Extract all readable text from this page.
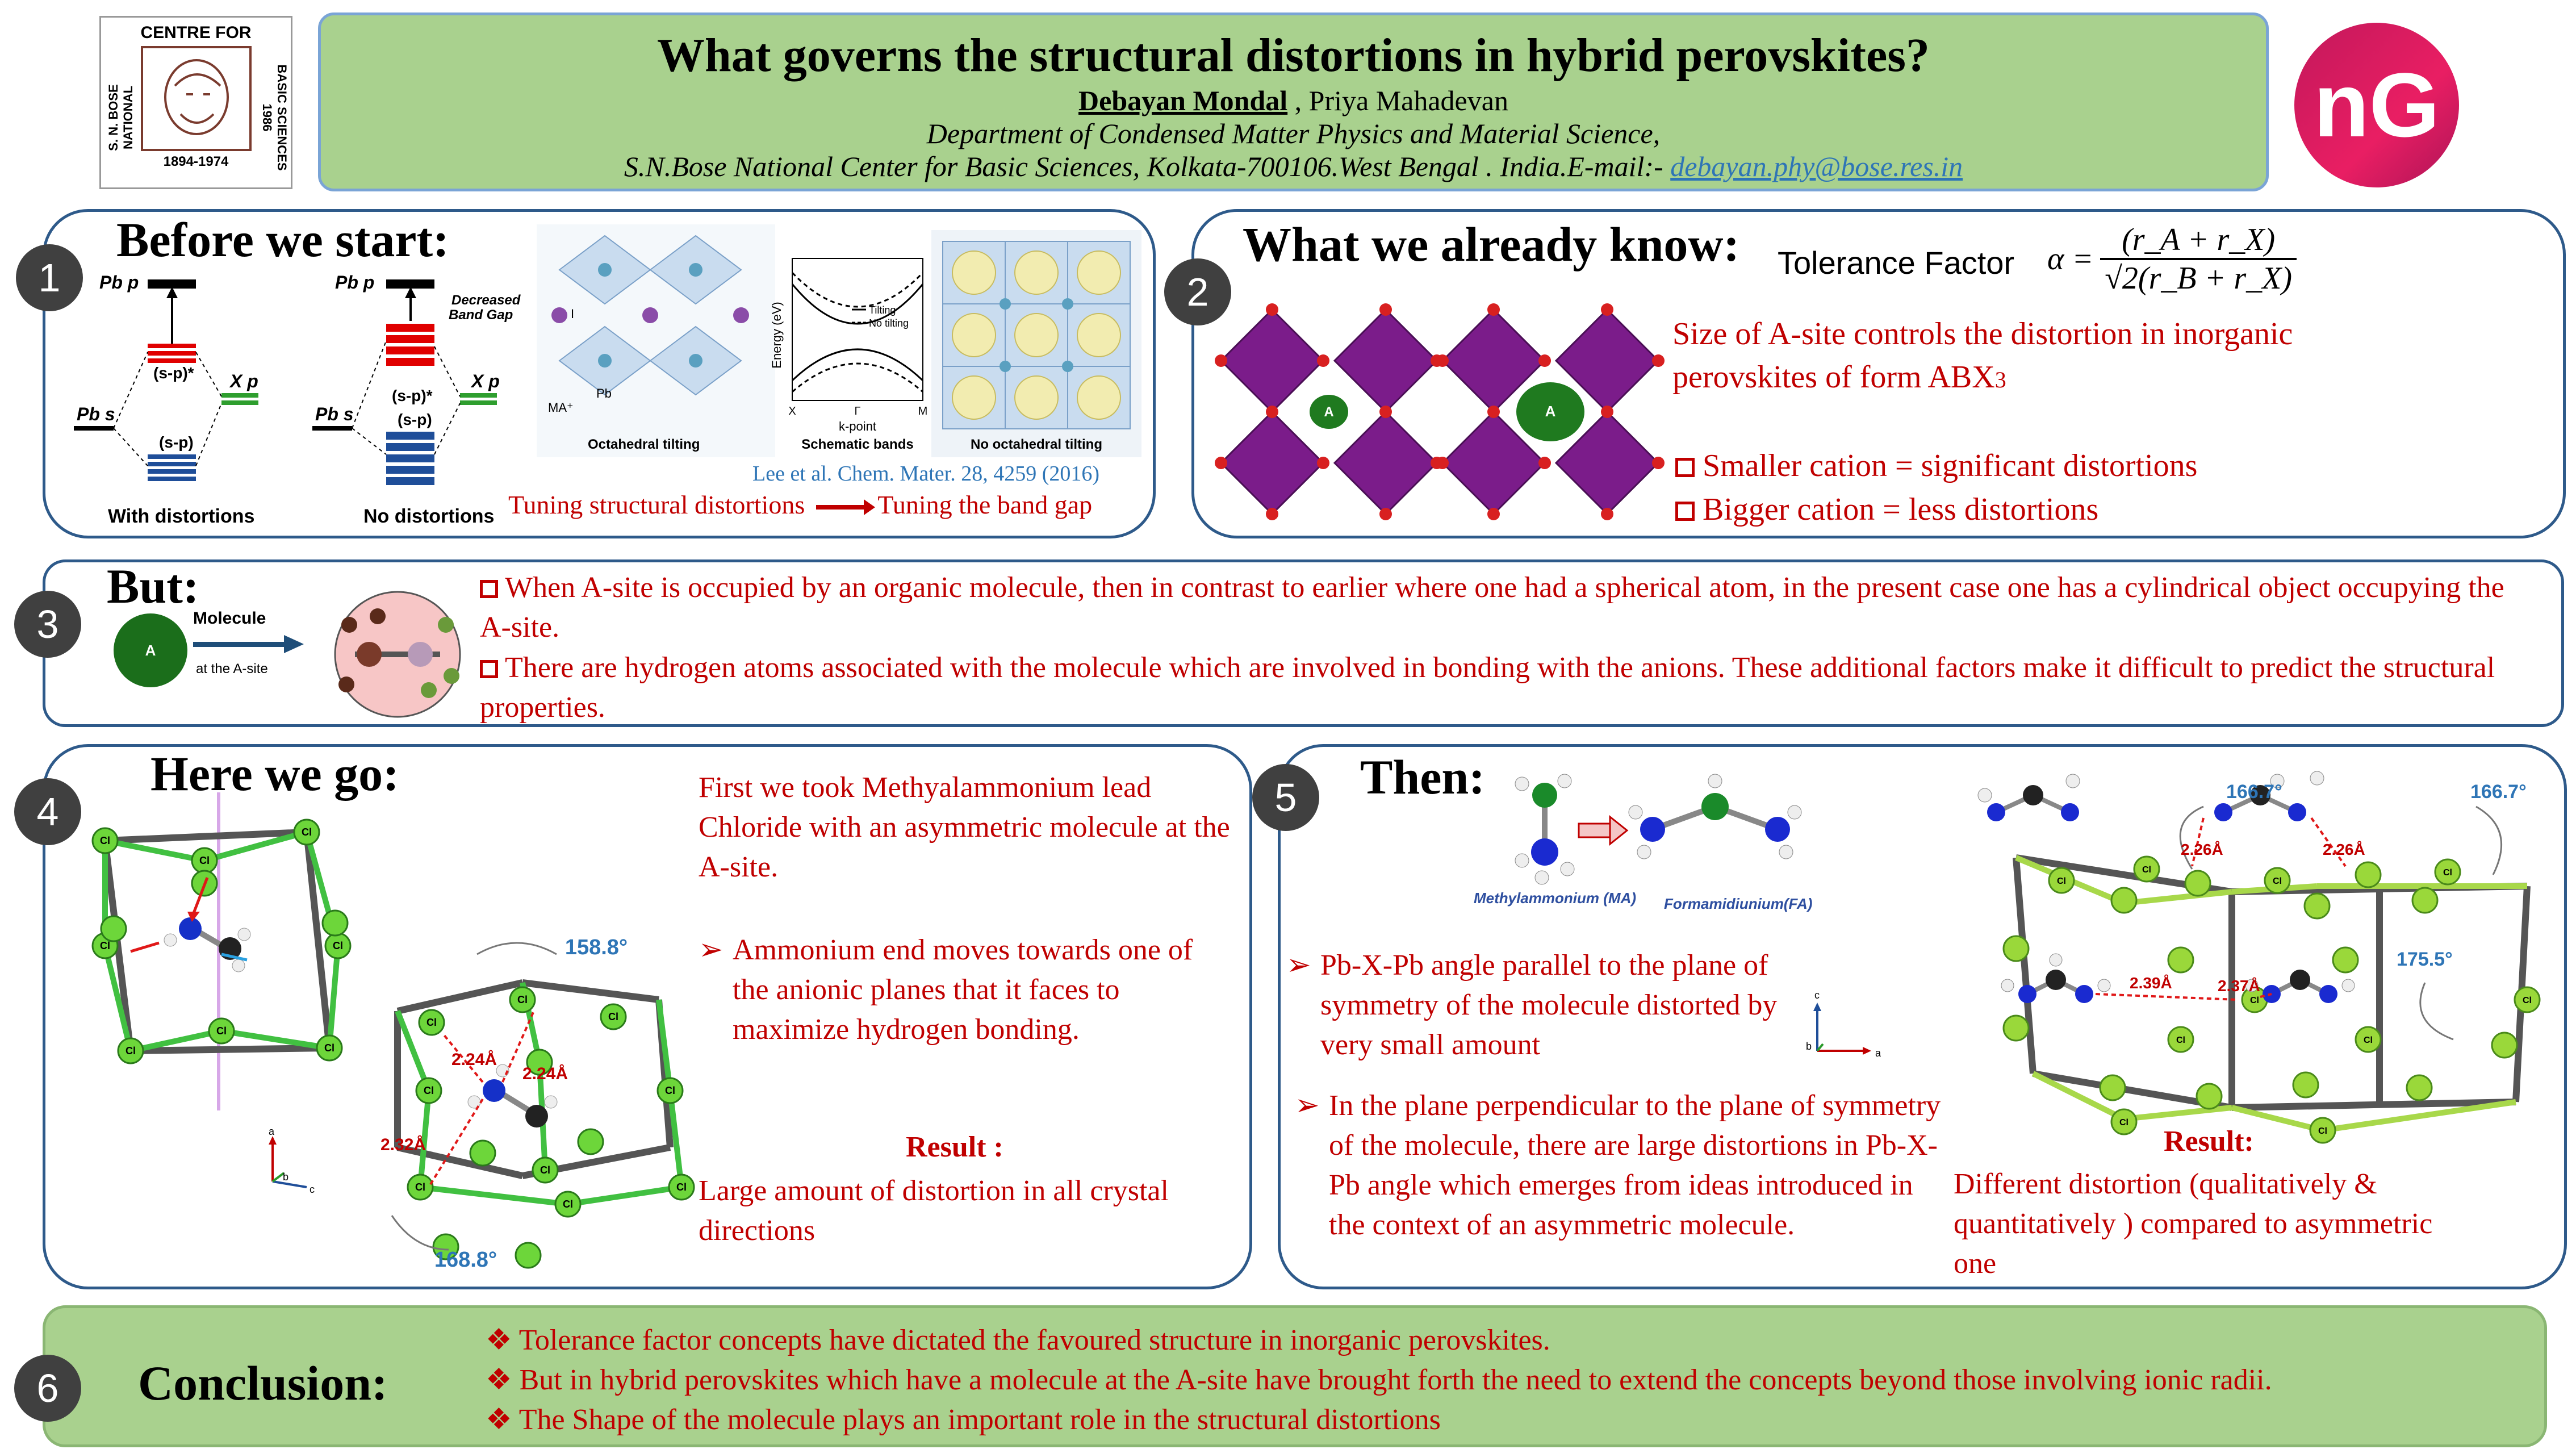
CENTRE FOR
S. N. BOSE NATIONAL	BASIC SCIENCES 1986
1894-1974
What governs the structural distortions in hybrid perovskites?
Debayan Mondal , Priya Mahadevan
Department of Condensed Matter Physics and Material Science,
S.N.Bose National Center for Basic Sciences, Kolkata-700106.West Bengal . India.E-mail:- debayan.phy@bose.res.in
nG
1
Before we start:
Pb p
(s-p)* X p
Pb s
(s-p)
With distortions
Pb p
Decreased
Band Gap
(s-p)*
X p
Pb s	(s-p)
No distortions
Pb
I
MA⁺
Octahedral tilting
Energy (eV)	Tilting
No tilting
X	Γ	M
k-point
Schematic bands	No octahedral tilting
Lee et al. Chem. Mater. 28, 4259 (2016)
Tuning structural distortions	Tuning the band gap
2
What we already know: Tolerance Factor $\alpha = \frac{(r\_A + r\_X)}{√2(r\_B + r\_X)}$
A	A
Size of A-site controls the distortion in inorganic perovskites of form ABX3
Smaller cation = significant distortions
Bigger cation = less distortions
3
But:
A
Molecule
at the A-site
When A-site is occupied by an organic molecule, then in contrast to earlier where one had a spherical atom, in the present case one has a cylindrical object occupying the A-site.
There are hydrogen atoms associated with the molecule which are involved in bonding with the anions. These additional factors make it difficult to predict the structural properties.
4
Here we go:
Cl
Cl
Cl
Cl	Cl
Cl
Cl
Cl
158.8°
Cl
Cl
Cl
Cl	Cl
Cl
Cl
Cl
Cl
2.24Å
2.24Å
2.32Å
168.8°
a
b
c
First we took Methyalammonium lead Chloride with an asymmetric molecule at the A-site.
➢ Ammonium end moves towards one of the anionic planes that it faces to maximize hydrogen bonding.
Result :
Large amount of distortion in all crystal directions
5	Then:
Methylammonium (MA) Formamidiunium(FA)
c
b
a
➢ Pb-X-Pb angle parallel to the plane of symmetry of the molecule distorted by very small amount
➢ In the plane perpendicular to the plane of symmetry of the molecule, there are large distortions in Pb-X-Pb angle which emerges from ideas introduced in the context of an asymmetric molecule.
166.7°	166.7°
Cl
Cl
Cl
Cl
Cl	Cl
Cl	Cl
Cl
Cl
2.26Å	2.26Å
2.39Å	2.37Å
175.5°
Result:
Different distortion (qualitatively & quantitatively ) compared to asymmetric one
6	Conclusion:
❖ Tolerance factor concepts have dictated the favoured structure in inorganic perovskites.
❖ But in hybrid perovskites which have a molecule at the A-site have brought forth the need to extend the concepts beyond those involving ionic radii.
❖ The Shape of the molecule plays an important role in the structural distortions
